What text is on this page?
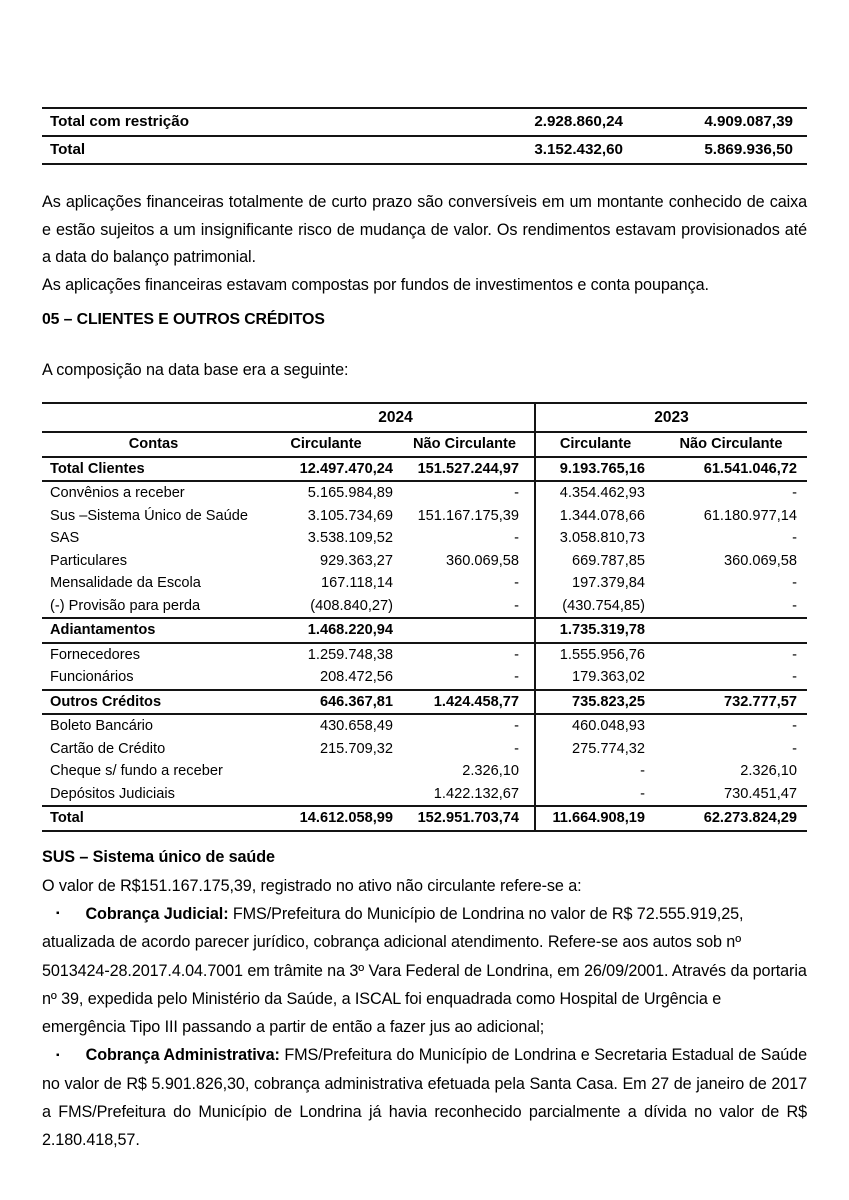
Total com restrição	2.928.860,24	4.909.087,39
Total	3.152.432,60	5.869.936,50

As aplicações financeiras totalmente de curto prazo são conversíveis em um montante conhecido de caixa e estão sujeitos a um insignificante risco de mudança de valor. Os rendimentos estavam provisionados até a data do balanço patrimonial.

As aplicações financeiras estavam compostas por fundos de investimentos e conta poupança.

05 – CLIENTES E OUTROS CRÉDITOS

A composição na data base era a seguinte:

	2024		2023	
Contas	Circulante	Não Circulante	Circulante	Não Circulante
Total Clientes	12.497.470,24	151.527.244,97	9.193.765,16	61.541.046,72
Convênios a receber	5.165.984,89	-	4.354.462,93	-
Sus –Sistema Único de Saúde	3.105.734,69	151.167.175,39	1.344.078,66	61.180.977,14
SAS	3.538.109,52	-	3.058.810,73	-
Particulares	929.363,27	360.069,58	669.787,85	360.069,58
Mensalidade da Escola	167.118,14	-	197.379,84	-
(-) Provisão para perda	(408.840,27)	-	(430.754,85)	-
Adiantamentos	1.468.220,94		1.735.319,78	
Fornecedores	1.259.748,38	-	1.555.956,76	-
Funcionários	208.472,56	-	179.363,02	-
Outros Créditos	646.367,81	1.424.458,77	735.823,25	732.777,57
Boleto Bancário	430.658,49	-	460.048,93	-
Cartão de Crédito	215.709,32	-	275.774,32	-
Cheque s/ fundo a receber		2.326,10	-	2.326,10
Depósitos Judiciais		1.422.132,67	-	730.451,47
Total	14.612.058,99	152.951.703,74	11.664.908,19	62.273.824,29
SUS – Sistema único de saúde

O valor de R$151.167.175,39, registrado no ativo não circulante refere-se a:

▪ Cobrança Judicial: FMS/Prefeitura do Município de Londrina no valor de R$ 72.555.919,25, atualizada de acordo parecer jurídico, cobrança adicional atendimento. Refere-se aos autos sob nº 5013424-28.2017.4.04.7001 em trâmite na 3º Vara Federal de Londrina, em 26/09/2001. Através da portaria nº 39, expedida pelo Ministério da Saúde, a ISCAL foi enquadrada como Hospital de Urgência e emergência Tipo III passando a partir de então a fazer jus ao adicional;

▪ Cobrança Administrativa: FMS/Prefeitura do Município de Londrina e Secretaria Estadual de Saúde no valor de R$ 5.901.826,30, cobrança administrativa efetuada pela Santa Casa. Em 27 de janeiro de 2017 a FMS/Prefeitura do Município de Londrina já havia reconhecido parcialmente a dívida no valor de R$ 2.180.418,57.
